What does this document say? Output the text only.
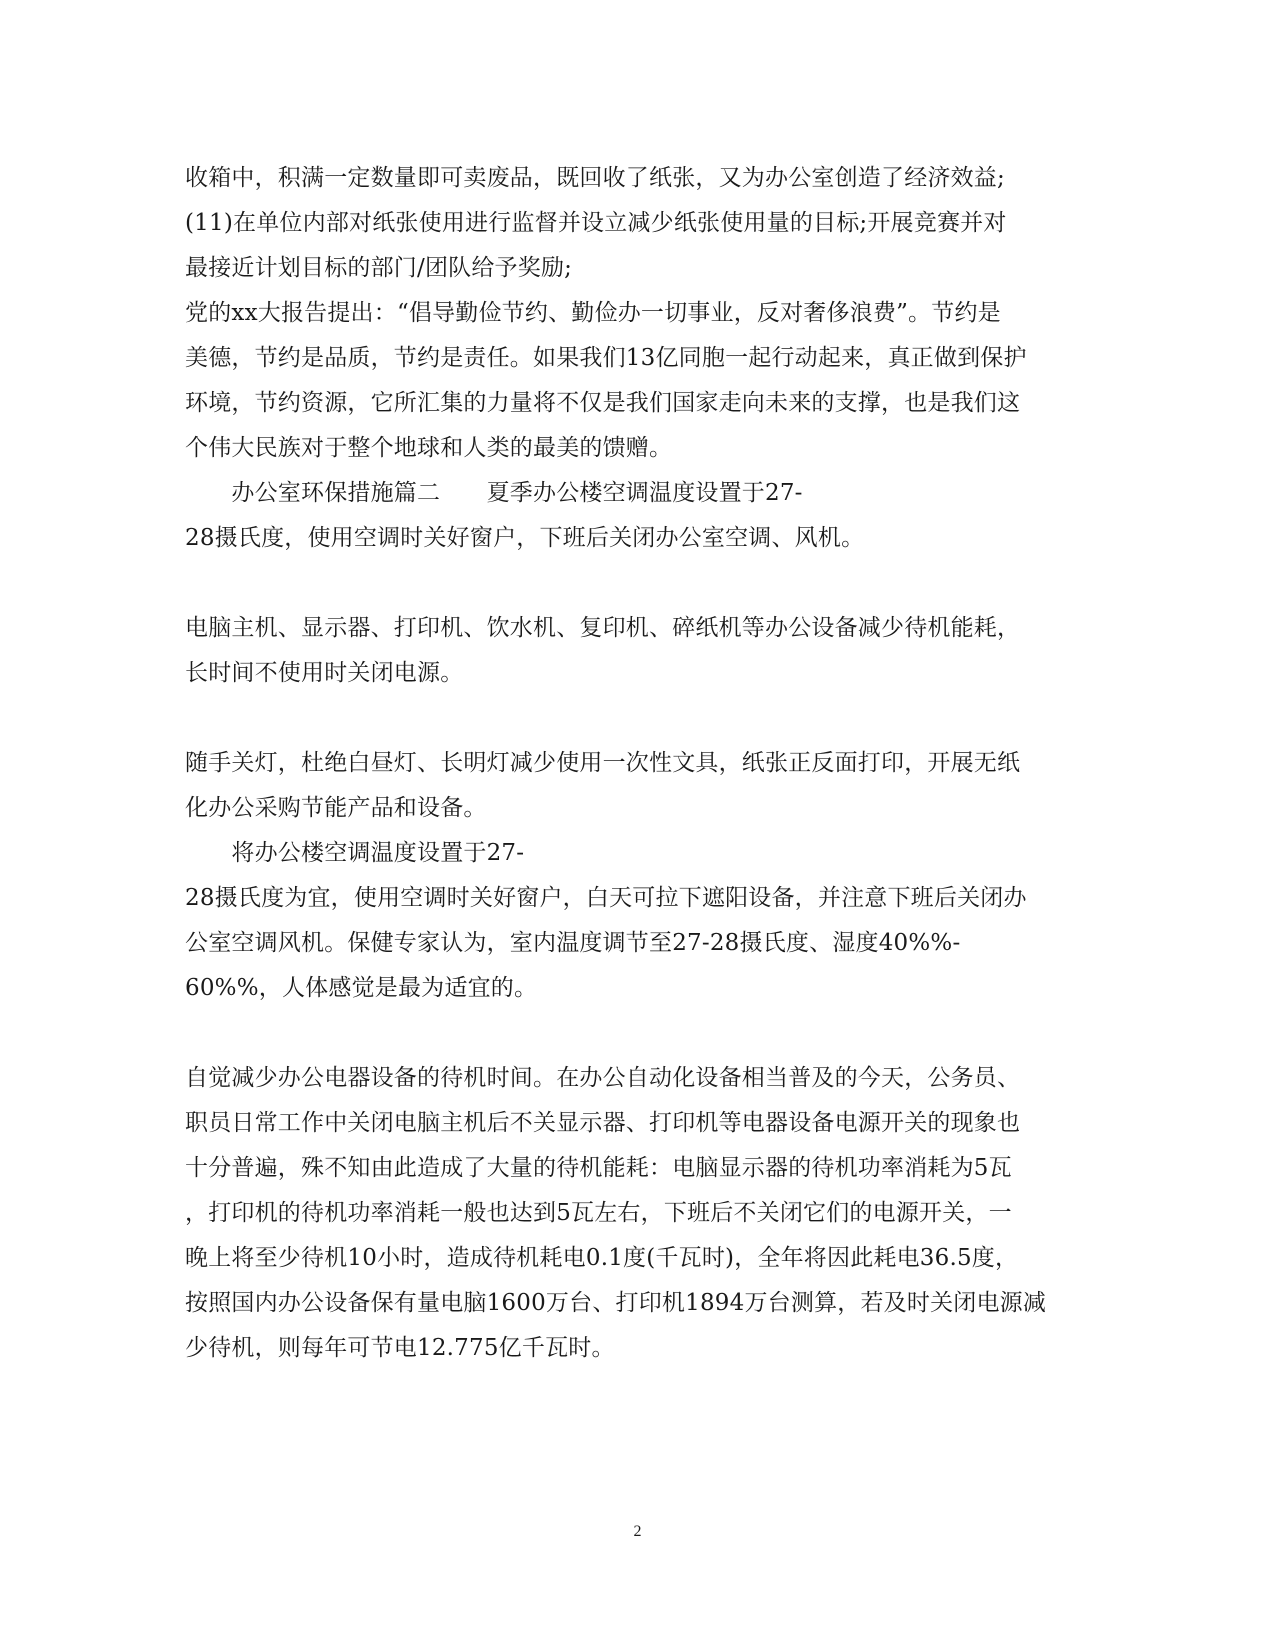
收箱中，积满一定数量即可卖废品，既回收了纸张，又为办公室创造了经济效益;

(11)在单位内部对纸张使用进行监督并设立减少纸张使用量的目标;开展竞赛并对

最接近计划目标的部门/团队给予奖励;

党的xx大报告提出：“倡导勤俭节约、勤俭办一切事业，反对奢侈浪费”。节约是

美德，节约是品质，节约是责任。如果我们13亿同胞一起行动起来，真正做到保护

环境，节约资源，它所汇集的力量将不仅是我们国家走向未来的支撑，也是我们这

个伟大民族对于整个地球和人类的最美的馈赠。

　　办公室环保措施篇二　　夏季办公楼空调温度设置于27-

28摄氏度，使用空调时关好窗户，下班后关闭办公室空调、风机。

电脑主机、显示器、打印机、饮水机、复印机、碎纸机等办公设备减少待机能耗，

长时间不使用时关闭电源。

随手关灯，杜绝白昼灯、长明灯减少使用一次性文具，纸张正反面打印，开展无纸

化办公采购节能产品和设备。

　　将办公楼空调温度设置于27-

28摄氏度为宜，使用空调时关好窗户，白天可拉下遮阳设备，并注意下班后关闭办

公室空调风机。保健专家认为，室内温度调节至27-28摄氏度、湿度40%%-

60%%，人体感觉是最为适宜的。

自觉减少办公电器设备的待机时间。在办公自动化设备相当普及的今天，公务员、

职员日常工作中关闭电脑主机后不关显示器、打印机等电器设备电源开关的现象也

十分普遍，殊不知由此造成了大量的待机能耗：电脑显示器的待机功率消耗为5瓦

，打印机的待机功率消耗一般也达到5瓦左右，下班后不关闭它们的电源开关，一

晚上将至少待机10小时，造成待机耗电0.1度(千瓦时)，全年将因此耗电36.5度，

按照国内办公设备保有量电脑1600万台、打印机1894万台测算，若及时关闭电源减

少待机，则每年可节电12.775亿千瓦时。

2
